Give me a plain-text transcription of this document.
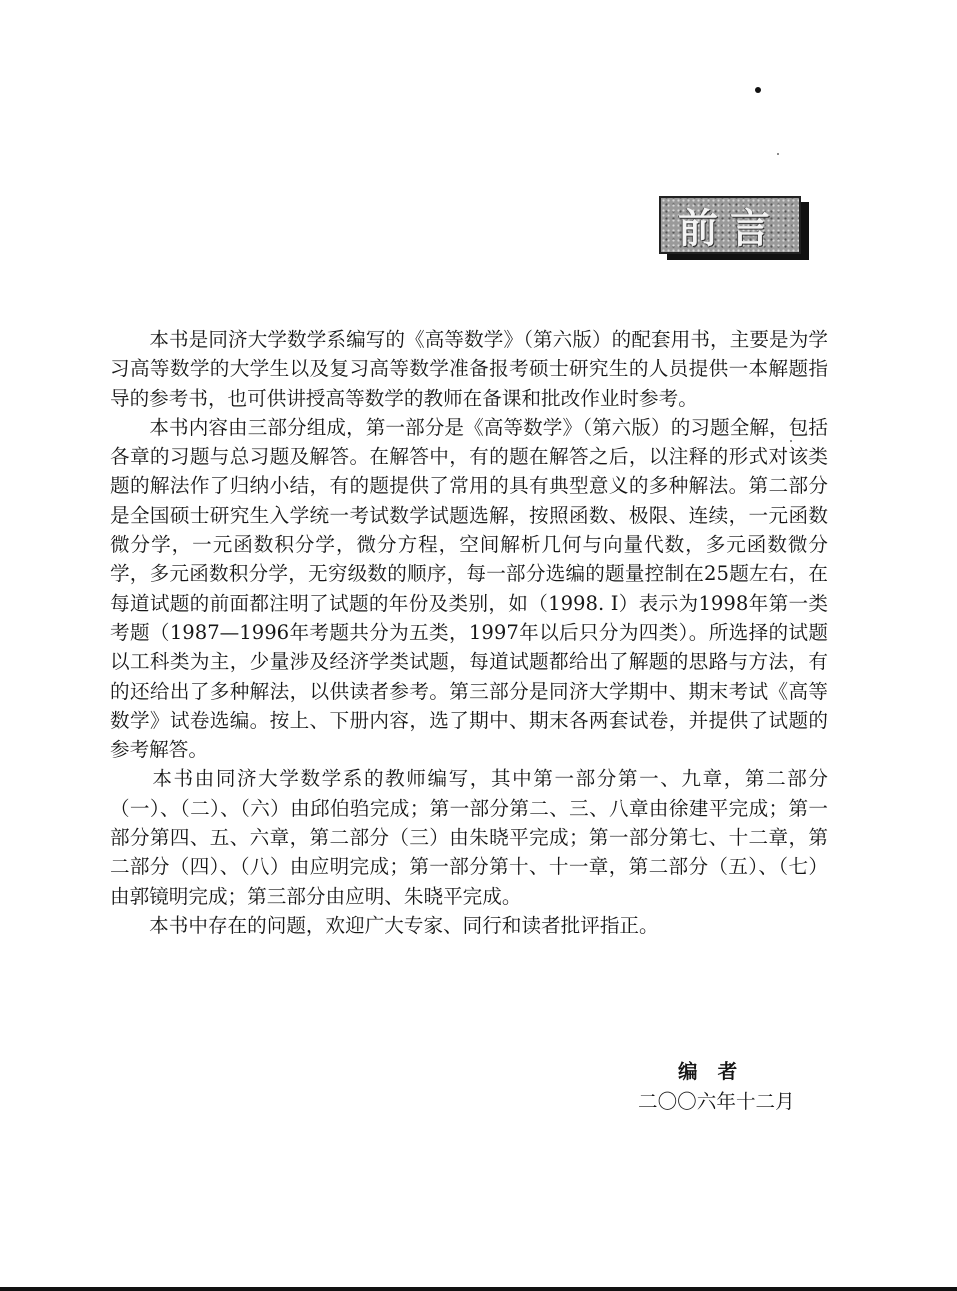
前言

　　本书是同济大学数学系编写的《高等数学》（第六版）的配套用书，主要是为学习高等数学的大学生以及复习高等数学准备报考硕士研究生的人员提供一本解题指导的参考书，也可供讲授高等数学的教师在备课和批改作业时参考。

　　本书内容由三部分组成，第一部分是《高等数学》（第六版）的习题全解，包括各章的习题与总习题及解答。在解答中，有的题在解答之后，以注释的形式对该类题的解法作了归纳小结，有的题提供了常用的具有典型意义的多种解法。第二部分是全国硕士研究生入学统一考试数学试题选解，按照函数、极限、连续，一元函数微分学，一元函数积分学，微分方程，空间解析几何与向量代数，多元函数微分学，多元函数积分学，无穷级数的顺序，每一部分选编的题量控制在25题左右，在每道试题的前面都注明了试题的年份及类别，如（1998. I）表示为1998年第一类考题（1987—1996年考题共分为五类，1997年以后只分为四类）。所选择的试题以工科类为主，少量涉及经济学类试题，每道试题都给出了解题的思路与方法，有的还给出了多种解法，以供读者参考。第三部分是同济大学期中、期末考试《高等数学》试卷选编。按上、下册内容，选了期中、期末各两套试卷，并提供了试题的参考解答。

　　本书由同济大学数学系的教师编写，其中第一部分第一、九章，第二部分（一）、（二）、（六）由邱伯驺完成；第一部分第二、三、八章由徐建平完成；第一部分第四、五、六章，第二部分（三）由朱晓平完成；第一部分第七、十二章，第二部分（四）、（八）由应明完成；第一部分第十、十一章，第二部分（五）、（七）由郭镜明完成；第三部分由应明、朱晓平完成。

　　本书中存在的问题，欢迎广大专家、同行和读者批评指正。

编者
二〇〇六年十二月
